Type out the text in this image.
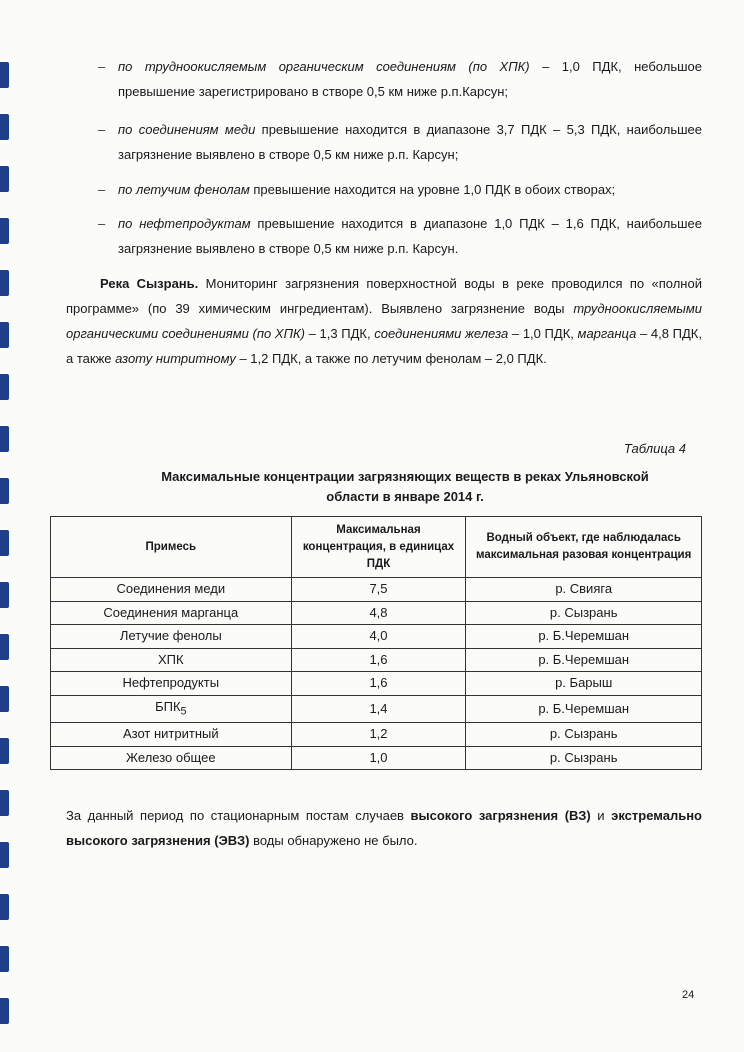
– по трудноокисляемым органическим соединениям (по ХПК) – 1,0 ПДК, небольшое превышение зарегистрировано в створе 0,5 км ниже р.п.Карсун;
– по соединениям меди превышение находится в диапазоне 3,7 ПДК – 5,3 ПДК, наибольшее загрязнение выявлено в створе 0,5 км ниже р.п. Карсун;
– по летучим фенолам превышение находится на уровне 1,0 ПДК в обоих створах;
– по нефтепродуктам превышение находится в диапазоне 1,0 ПДК – 1,6 ПДК, наибольшее загрязнение выявлено в створе 0,5 км ниже р.п. Карсун.
Река Сызрань. Мониторинг загрязнения поверхностной воды в реке проводился по «полной программе» (по 39 химическим ингредиентам). Выявлено загрязнение воды трудноокисляемыми органическими соединениями (по ХПК) – 1,3 ПДК, соединениями железа – 1,0 ПДК, марганца – 4,8 ПДК, а также азоту нитритному – 1,2 ПДК, а также по летучим фенолам – 2,0 ПДК.
Таблица 4
Максимальные концентрации загрязняющих веществ в реках Ульяновской
области в январе 2014 г.
Примесь	Максимальная концентрация, в единицах ПДК	Водный объект, где наблюдалась максимальная разовая концентрация
Соединения меди	7,5	р. Свияга
Соединения марганца	4,8	р. Сызрань
Летучие фенолы	4,0	р. Б.Черемшан
ХПК	1,6	р. Б.Черемшан
Нефтепродукты	1,6	р. Барыш
$БПК_5$	1,4	р. Б.Черемшан
Азот нитритный	1,2	р. Сызрань
Железо общее	1,0	р. Сызрань
За данный период по стационарным постам случаев высокого загрязнения (ВЗ) и экстремально высокого загрязнения (ЭВЗ) воды обнаружено не было.
24
